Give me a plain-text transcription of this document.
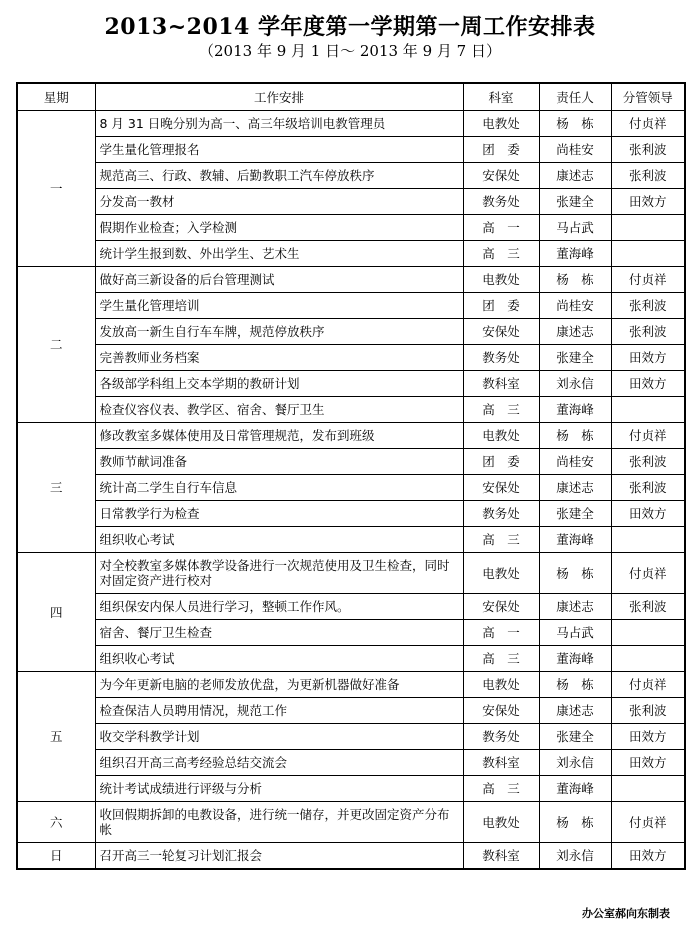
2013~2014 学年度第一学期第一周工作安排表
（2013 年 9 月 1 日～ 2013 年 9 月 7 日）
星期	工作安排	科室	责任人	分管领导
一	8 月 31 日晚分别为高一、高三年级培训电教管理员	电教处	杨　栋	付贞祥
	学生量化管理报名	团　委	尚桂安	张利波
	规范高三、行政、教辅、后勤教职工汽车停放秩序	安保处	康述志	张利波
	分发高一教材	教务处	张建全	田效方
	假期作业检查；入学检测	高　一	马占武	
	统计学生报到数、外出学生、艺术生	高　三	董海峰	
二	做好高三新设备的后台管理测试	电教处	杨　栋	付贞祥
	学生量化管理培训	团　委	尚桂安	张利波
	发放高一新生自行车车牌，规范停放秩序	安保处	康述志	张利波
	完善教师业务档案	教务处	张建全	田效方
	各级部学科组上交本学期的教研计划	教科室	刘永信	田效方
	检查仪容仪表、教学区、宿舍、餐厅卫生	高　三	董海峰	
三	修改教室多媒体使用及日常管理规范，发布到班级	电教处	杨　栋	付贞祥
	教师节献词准备	团　委	尚桂安	张利波
	统计高二学生自行车信息	安保处	康述志	张利波
	日常教学行为检查	教务处	张建全	田效方
	组织收心考试	高　三	董海峰	
四	对全校教室多媒体教学设备进行一次规范使用及卫生检查，同时对固定资产进行校对	电教处	杨　栋	付贞祥
	组织保安内保人员进行学习，整顿工作作风。	安保处	康述志	张利波
	宿舍、餐厅卫生检查	高　一	马占武	
	组织收心考试	高　三	董海峰	
五	为今年更新电脑的老师发放优盘，为更新机器做好准备	电教处	杨　栋	付贞祥
	检查保洁人员聘用情况，规范工作	安保处	康述志	张利波
	收交学科教学计划	教务处	张建全	田效方
	组织召开高三高考经验总结交流会	教科室	刘永信	田效方
	统计考试成绩进行评级与分析	高　三	董海峰	
六	收回假期拆卸的电教设备，进行统一储存，并更改固定资产分布帐	电教处	杨　栋	付贞祥
日	召开高三一轮复习计划汇报会	教科室	刘永信	田效方
办公室郝向东制表
